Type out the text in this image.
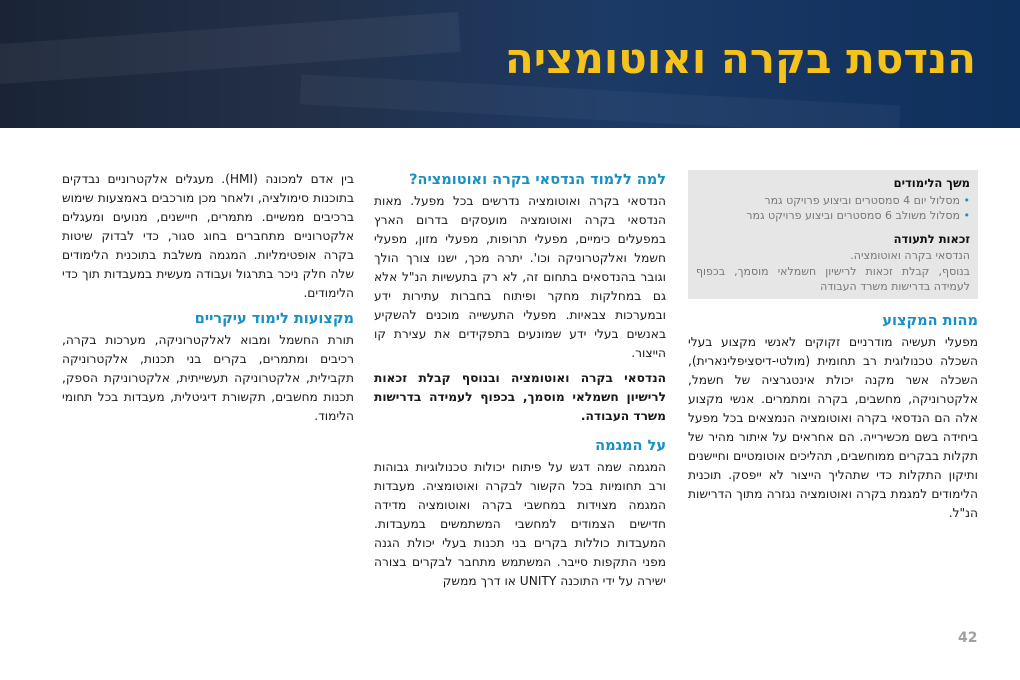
הנדסת בקרה ואוטומציה
משך הלימודים
• מסלול יום 4 סמסטרים וביצוע פרויקט גמר
• מסלול משולב 6 סמסטרים וביצוע פרויקט גמר
זכאות לתעודה
הנדסאי בקרה ואוטומציה.
בנוסף, קבלת זכאות לרישיון חשמלאי מוסמך, בכפוף לעמידה בדרישות משרד העבודה
מהות המקצוע

מפעלי תעשיה מודרניים זקוקים לאנשי מקצוע בעלי השכלה טכנולוגית רב תחומית (מולטי-דיסציפלינארית), השכלה אשר מקנה יכולת אינטגרציה של חשמל, אלקטרוניקה, מחשבים, בקרה ומתמרים. אנשי מקצוע אלה הם הנדסאי בקרה ואוטומציה הנמצאים בכל מפעל ביחידה בשם מכשירייה. הם אחראים על איתור מהיר של תקלות בבקרים ממוחשבים, תהליכים אוטומטיים וחיישנים ותיקון התקלות כדי שתהליך הייצור לא ייפסק. תוכנית הלימודים למגמת בקרה ואוטומציה נגזרה מתוך הדרישות הנ"ל.

למה ללמוד הנדסאי בקרה ואוטומציה?

הנדסאי בקרה ואוטומציה נדרשים בכל מפעל. מאות הנדסאי בקרה ואוטומציה מועסקים בדרום הארץ במפעלים כימיים, מפעלי תרופות, מפעלי מזון, מפעלי חשמל ואלקטרוניקה וכו'. יתרה מכך, ישנו צורך הולך וגובר בהנדסאים בתחום זה, לא רק בתעשיות הנ"ל אלא גם במחלקות מחקר ופיתוח בחברות עתירות ידע ובמערכות צבאיות. מפעלי התעשייה מוכנים להשקיע באנשים בעלי ידע שמונעים בתפקידים את עצירת קו הייצור.

הנדסאי בקרה ואוטומציה ובנוסף קבלת זכאות לרישיון חשמלאי מוסמך, בכפוף לעמידה בדרישות משרד העבודה.

על המגמה

המגמה שמה דגש על פיתוח יכולות טכנולוגיות גבוהות ורב תחומיות בכל הקשור לבקרה ואוטומציה. מעבדות המגמה מצוידות במחשבי בקרה ואוטומציה מדידה חדישים הצמודים למחשבי המשתמשים במעבדות. המעבדות כוללות בקרים בני תכנות בעלי יכולת הגנה מפני התקפות סייבר. המשתמש מתחבר לבקרים בצורה ישירה על ידי התוכנה UNITY או דרך ממשק

בין אדם למכונה (HMI). מעגלים אלקטרוניים נבדקים בתוכנות סימולציה, ולאחר מכן מורכבים באמצעות שימוש ברכיבים ממשיים. מתמרים, חיישנים, מנועים ומעגלים אלקטרוניים מתחברים בחוג סגור, כדי לבדוק שיטות בקרה אופטימליות. המגמה משלבת בתוכנית הלימודים שלה חלק ניכר בתרגול ועבודה מעשית במעבדות תוך כדי הלימודים.

מקצועות לימוד עיקריים

תורת החשמל ומבוא לאלקטרוניקה, מערכות בקרה, רכיבים ומתמרים, בקרים בני תכנות, אלקטרוניקה תקבילית, אלקטרוניקה תעשייתית, אלקטרוניקת הספק, תכנות מחשבים, תקשורת דיגיטלית, מעבדות בכל תחומי הלימוד.

42
